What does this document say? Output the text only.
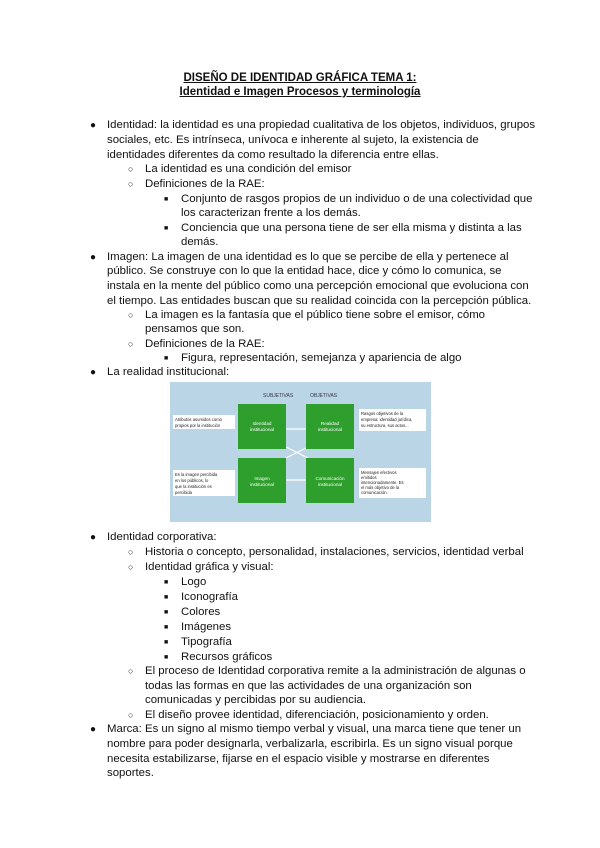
DISEÑO DE IDENTIDAD GRÁFICA TEMA 1:
Identidad e Imagen Procesos y terminología
● Identidad: la identidad es una propiedad cualitativa de los objetos, individuos, grupos
sociales, etc. Es intrínseca, unívoca e inherente al sujeto, la existencia de
identidades diferentes da como resultado la diferencia entre ellas.
○ La identidad es una condición del emisor
○ Definiciones de la RAE:
■ Conjunto de rasgos propios de un individuo o de una colectividad que
los caracterizan frente a los demás.
■ Conciencia que una persona tiene de ser ella misma y distinta a las
demás.
● Imagen: La imagen de una identidad es lo que se percibe de ella y pertenece al
público. Se construye con lo que la entidad hace, dice y cómo lo comunica, se
instala en la mente del público como una percepción emocional que evoluciona con
el tiempo. Las entidades buscan que su realidad coincida con la percepción pública.
○ La imagen es la fantasía que el público tiene sobre el emisor, cómo
pensamos que son.
○ Definiciones de la RAE:
■ Figura, representación, semejanza y apariencia de algo
● La realidad institucional:
SUBJETIVAS	OBJETIVAS
Identidad
institucional
Realidad
institucional
Imagen
institucional
Comunicación
institucional
Atributos asumidos como
propios por la institución
Rasgos objetivos de la
empresa: identidad jurídica,
su estructura, sus actos...
Es la imagen percibida
en los públicos, lo
que la institución es
percibida
Mensajes efectivos
emitidos
intencionadamente. Es
el más objetivo de la
comunicación.
● Identidad corporativa:
○ Historia o concepto, personalidad, instalaciones, servicios, identidad verbal
○ Identidad gráfica y visual:
■ Logo
■ Iconografía
■ Colores
■ Imágenes
■ Tipografía
■ Recursos gráficos
○ El proceso de Identidad corporativa remite a la administración de algunas o
todas las formas en que las actividades de una organización son
comunicadas y percibidas por su audiencia.
○ El diseño provee identidad, diferenciación, posicionamiento y orden.
● Marca: Es un signo al mismo tiempo verbal y visual, una marca tiene que tener un
nombre para poder designarla, verbalizarla, escribirla. Es un signo visual porque
necesita estabilizarse, fijarse en el espacio visible y mostrarse en diferentes
soportes.
